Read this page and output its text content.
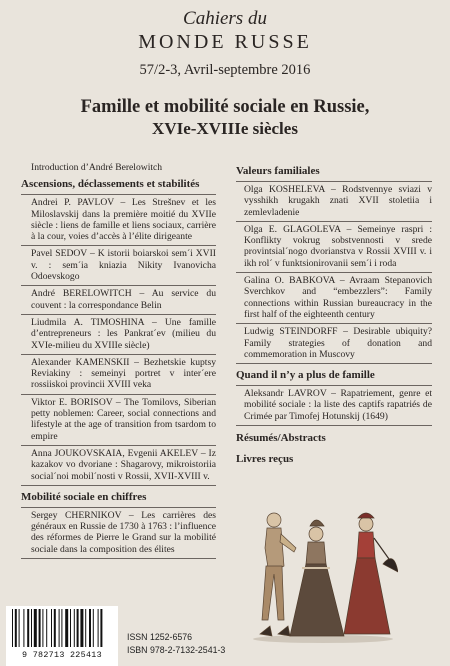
Cahiers du
MONDE RUSSE
57/2-3, Avril-septembre 2016
Famille et mobilité sociale en Russie,
XVIe-XVIIIe siècles
Introduction d’André Berelowitch
Ascensions, déclassements et stabilités
Andrei P. PAVLOV – Les Strešnev et les Miloslavskij dans la première moitié du XVIIe siècle : liens de famille et liens sociaux, carrière à la cour, voies d’accès à l’élite dirigeante
Pavel SEDOV – K istorii boiarskoi sem´i XVII v. : sem´ia kniazia Nikity Ivanovicha Odoevskogo
André BERELOWITCH – Au service du couvent : la correspondance Belin
Liudmila A. TIMOSHINA – Une famille d’entrepreneurs : les Pankrat´ev (milieu du XVIe-milieu du XVIIIe siècle)
Alexander KAMENSKII – Bezhetskie kuptsy Reviakiny : semeinyi portret v inter´ere rossiiskoi provincii XVIII veka
Viktor E. BORISOV – The Tomilovs, Siberian petty noblemen: Career, social connections and lifestyle at the age of transition from tsardom to empire
Anna JOUKOVSKAIA, Evgenii AKELEV – Iz kazakov vo dvoriane : Shagarovy, mikroistoriia social´noi mobil´nosti v Rossii, XVII-XVIII v.
Mobilité sociale en chiffres
Sergey CHERNIKOV – Les carrières des généraux en Russie de 1730 à 1763 : l’influence des réformes de Pierre le Grand sur la mobilité sociale dans la composition des élites
Valeurs familiales
Olga KOSHELEVA – Rodstvennye sviazi v vysshikh krugakh znati XVII stoletiia i zemlevladenie
Olga E. GLAGOLEVA – Semeinye raspri : Konflikty vokrug sobstvennosti v srede provintsial´nogo dvorianstva v Rossii XVIII v. i ikh rol´ v funktsionirovanii sem´i i roda
Galina O. BABKOVA – Avraam Stepanovich Sverchkov and “embezzlers”: Family connections within Russian bureaucracy in the first half of the eighteenth century
Ludwig STEINDORFF – Desirable ubiquity? Family strategies of donation and commemoration in Muscovy
Quand il n’y a plus de famille
Aleksandr LAVROV – Rapatriement, genre et mobilité sociale : la liste des captifs rapatriés de Crimée par Timofej Hotunskij (1649)
Résumés/Abstracts
Livres reçus
9 782713 225413
ISSN 1252-6576
ISBN 978-2-7132-2541-3
